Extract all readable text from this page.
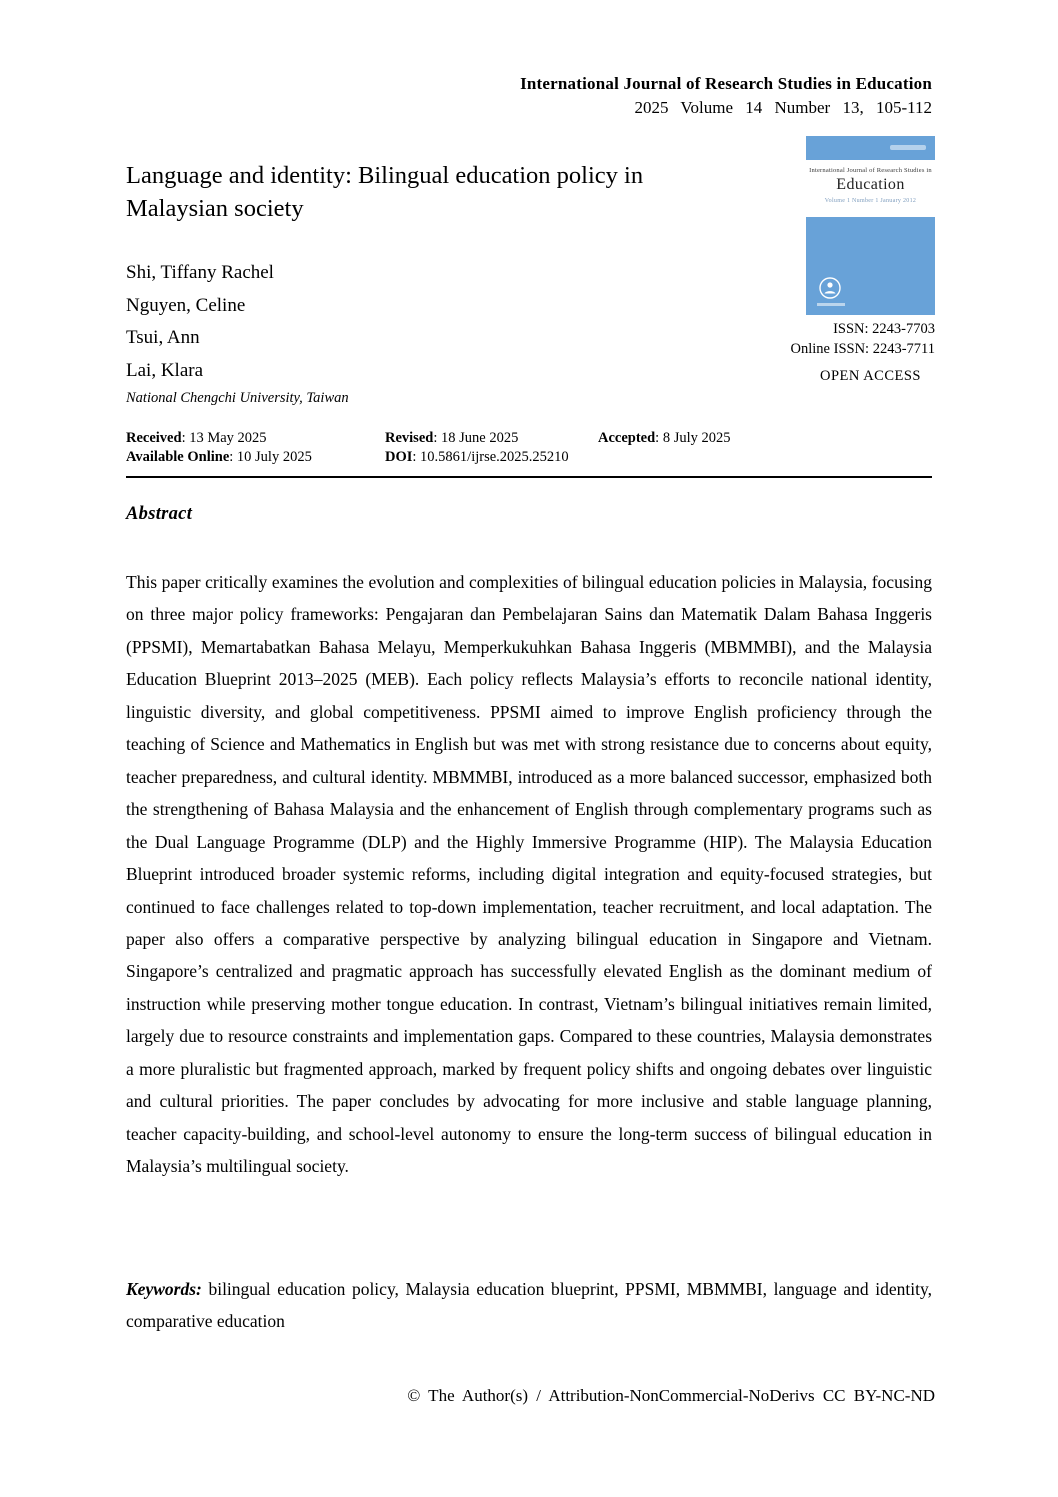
International Journal of Research Studies in Education
2025 Volume 14 Number 13, 105-112
Language and identity: Bilingual education policy in Malaysian society
Shi, Tiffany Rachel
Nguyen, Celine
Tsui, Ann
Lai, Klara
National Chengchi University, Taiwan
International Journal of Research Studies in
Education
Volume 1 Number 1 January 2012
ISSN: 2243-7703
Online ISSN: 2243-7711
OPEN ACCESS
Received: 13 May 2025	Revised: 18 June 2025	Accepted: 8 July 2025
Available Online: 10 July 2025	DOI: 10.5861/ijrse.2025.25210
Abstract
This paper critically examines the evolution and complexities of bilingual education policies in Malaysia, focusing on three major policy frameworks: Pengajaran dan Pembelajaran Sains dan Matematik Dalam Bahasa Inggeris (PPSMI), Memartabatkan Bahasa Melayu, Memperkukuhkan Bahasa Inggeris (MBMMBI), and the Malaysia Education Blueprint 2013–2025 (MEB). Each policy reflects Malaysia’s efforts to reconcile national identity, linguistic diversity, and global competitiveness. PPSMI aimed to improve English proficiency through the teaching of Science and Mathematics in English but was met with strong resistance due to concerns about equity, teacher preparedness, and cultural identity. MBMMBI, introduced as a more balanced successor, emphasized both the strengthening of Bahasa Malaysia and the enhancement of English through complementary programs such as the Dual Language Programme (DLP) and the Highly Immersive Programme (HIP). The Malaysia Education Blueprint introduced broader systemic reforms, including digital integration and equity-focused strategies, but continued to face challenges related to top-down implementation, teacher recruitment, and local adaptation. The paper also offers a comparative perspective by analyzing bilingual education in Singapore and Vietnam. Singapore’s centralized and pragmatic approach has successfully elevated English as the dominant medium of instruction while preserving mother tongue education. In contrast, Vietnam’s bilingual initiatives remain limited, largely due to resource constraints and implementation gaps. Compared to these countries, Malaysia demonstrates a more pluralistic but fragmented approach, marked by frequent policy shifts and ongoing debates over linguistic and cultural priorities. The paper concludes by advocating for more inclusive and stable language planning, teacher capacity-building, and school-level autonomy to ensure the long-term success of bilingual education in Malaysia’s multilingual society.
Keywords: bilingual education policy, Malaysia education blueprint, PPSMI, MBMMBI, language and identity, comparative education
© The Author(s) / Attribution-NonCommercial-NoDerivs CC BY-NC-ND
